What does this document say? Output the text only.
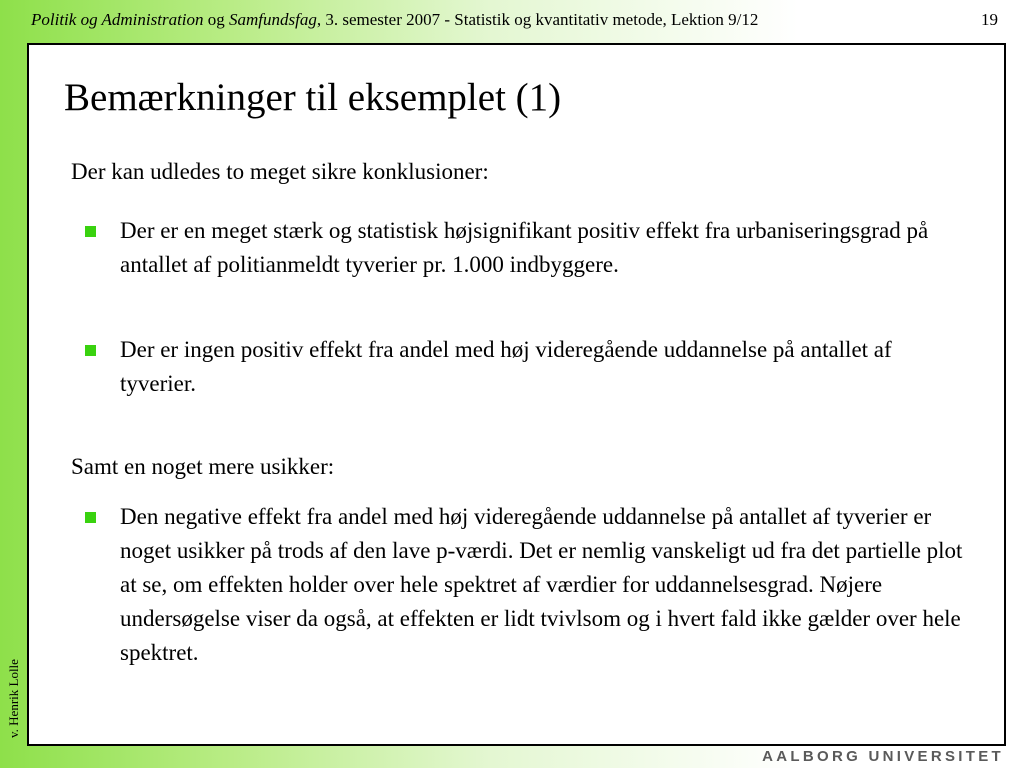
Politik og Administration og Samfundsfag, 3. semester 2007 - Statistik og kvantitativ metode, Lektion 9/12	19
Bemærkninger til eksemplet (1)
Der kan udledes to meget sikre konklusioner:
Der er en meget stærk og statistisk højsignifikant positiv effekt fra urbaniseringsgrad på antallet af politianmeldt tyverier pr. 1.000 indbyggere.
Der er ingen positiv effekt fra andel med høj videregående uddannelse på antallet af tyverier.
Samt en noget mere usikker:
Den negative effekt fra andel med høj videregående uddannelse på antallet af tyverier er noget usikker på trods af den lave p-værdi. Det er nemlig vanskeligt ud fra det partielle plot at se, om effekten holder over hele spektret af værdier for uddannelsesgrad. Nøjere undersøgelse viser da også, at effekten er lidt tvivlsom og i hvert fald ikke gælder over hele spektret.
v. Henrik Lolle
AALBORG UNIVERSITET
